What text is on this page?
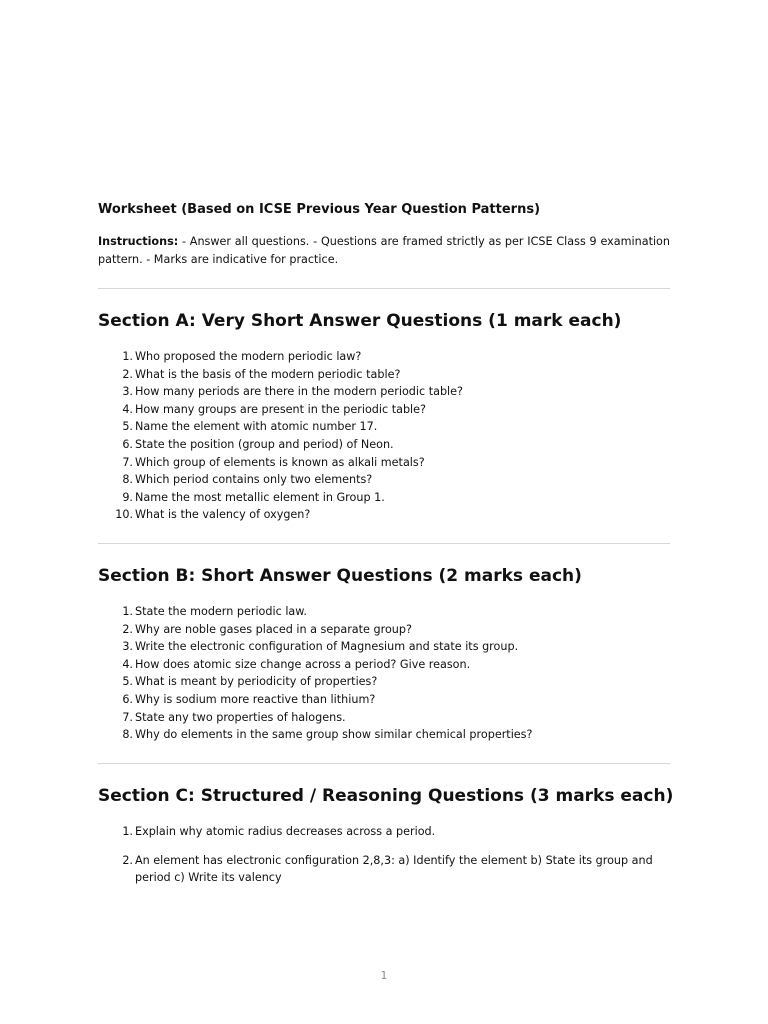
Worksheet (Based on ICSE Previous Year Question Patterns)

Instructions: - Answer all questions. - Questions are framed strictly as per ICSE Class 9 examination pattern. - Marks are indicative for practice.

Section A: Very Short Answer Questions (1 mark each)
1. Who proposed the modern periodic law?
2. What is the basis of the modern periodic table?
3. How many periods are there in the modern periodic table?
4. How many groups are present in the periodic table?
5. Name the element with atomic number 17.
6. State the position (group and period) of Neon.
7. Which group of elements is known as alkali metals?
8. Which period contains only two elements?
9. Name the most metallic element in Group 1.
10. What is the valency of oxygen?
Section B: Short Answer Questions (2 marks each)
1. State the modern periodic law.
2. Why are noble gases placed in a separate group?
3. Write the electronic configuration of Magnesium and state its group.
4. How does atomic size change across a period? Give reason.
5. What is meant by periodicity of properties?
6. Why is sodium more reactive than lithium?
7. State any two properties of halogens.
8. Why do elements in the same group show similar chemical properties?
Section C: Structured / Reasoning Questions (3 marks each)
1. Explain why atomic radius decreases across a period.
2. An element has electronic configuration 2,8,3: a) Identify the element b) State its group and period c) Write its valency
1
